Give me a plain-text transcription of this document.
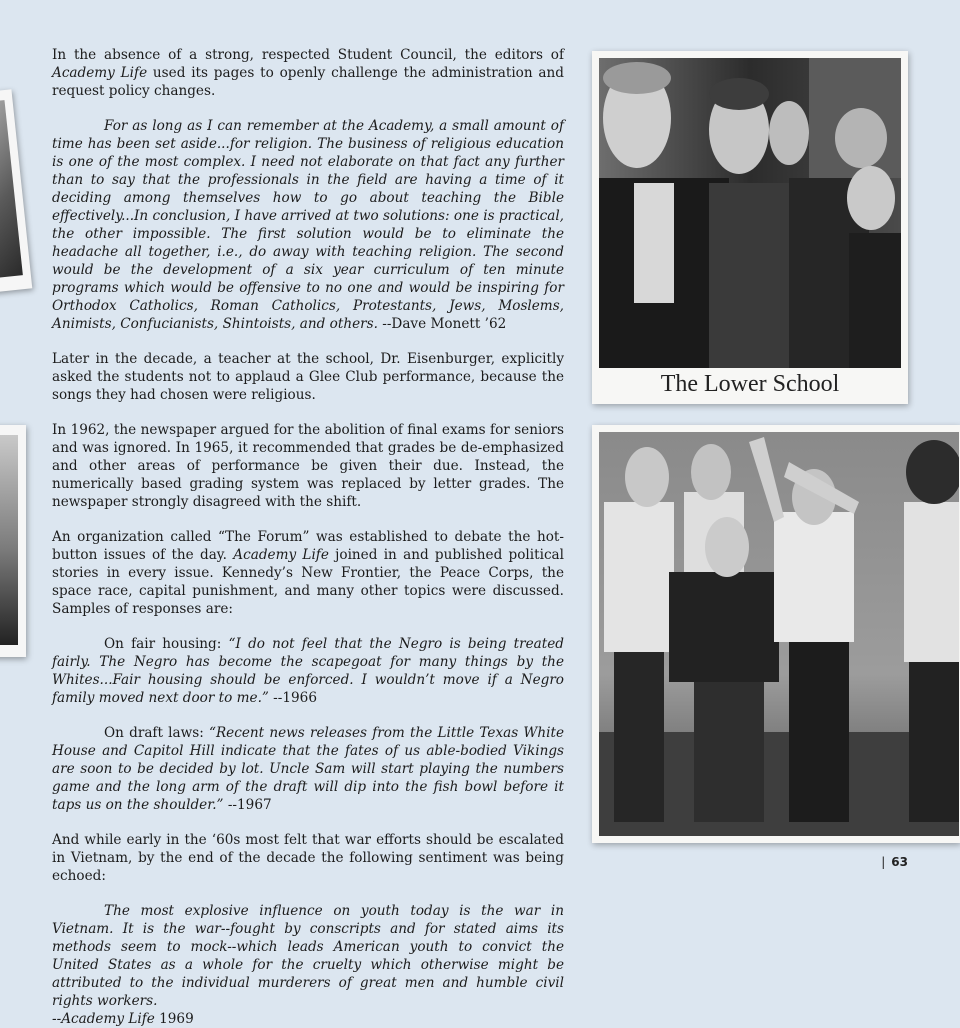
In the absence of a strong, respected Student Council, the editors of Academy Life used its pages to openly challenge the administration and request policy changes.

For as long as I can remember at the Academy, a small amount of time has been set aside...for religion. The business of religious education is one of the most complex. I need not elaborate on that fact any further than to say that the professionals in the field are having a time of it deciding among themselves how to go about teaching the Bible effectively...In conclusion, I have arrived at two solutions: one is practical, the other impossible. The first solution would be to eliminate the headache all together, i.e., do away with teaching religion. The second would be the development of a six year curriculum of ten minute programs which would be offensive to no one and would be inspiring for Orthodox Catholics, Roman Catholics, Protestants, Jews, Moslems, Animists, Confucianists, Shintoists, and others. --Dave Monett ’62

Later in the decade, a teacher at the school, Dr. Eisenburger, explicitly asked the students not to applaud a Glee Club performance, because the songs they had chosen were religious.

In 1962, the newspaper argued for the abolition of final exams for seniors and was ignored. In 1965, it recommended that grades be de-emphasized and other areas of performance be given their due. Instead, the numerically based grading system was replaced by letter grades. The newspaper strongly disagreed with the shift.

An organization called “The Forum” was established to debate the hot- button issues of the day. Academy Life joined in and published political stories in every issue. Kennedy’s New Frontier, the Peace Corps, the space race, capital punishment, and many other topics were discussed. Samples of responses are:

On fair housing: “I do not feel that the Negro is being treated fairly. The Negro has become the scapegoat for many things by the Whites...Fair housing should be enforced. I wouldn’t move if a Negro family moved next door to me.” --1966

On draft laws: “Recent news releases from the Little Texas White House and Capitol Hill indicate that the fates of us able-bodied Vikings are soon to be decided by lot. Uncle Sam will start playing the numbers game and the long arm of the draft will dip into the fish bowl before it taps us on the shoulder.” --1967

And while early in the ‘60s most felt that war efforts should be escalated in Vietnam, by the end of the decade the following sentiment was being echoed:

The most explosive influence on youth today is the war in Vietnam. It is the war--fought by conscripts and for stated aims its methods seem to mock--which leads American youth to convict the United States as a whole for the cruelty which otherwise might be attributed to the individual murderers of great men and humble civil rights workers.
--Academy Life 1969

The Lower School
| 63
